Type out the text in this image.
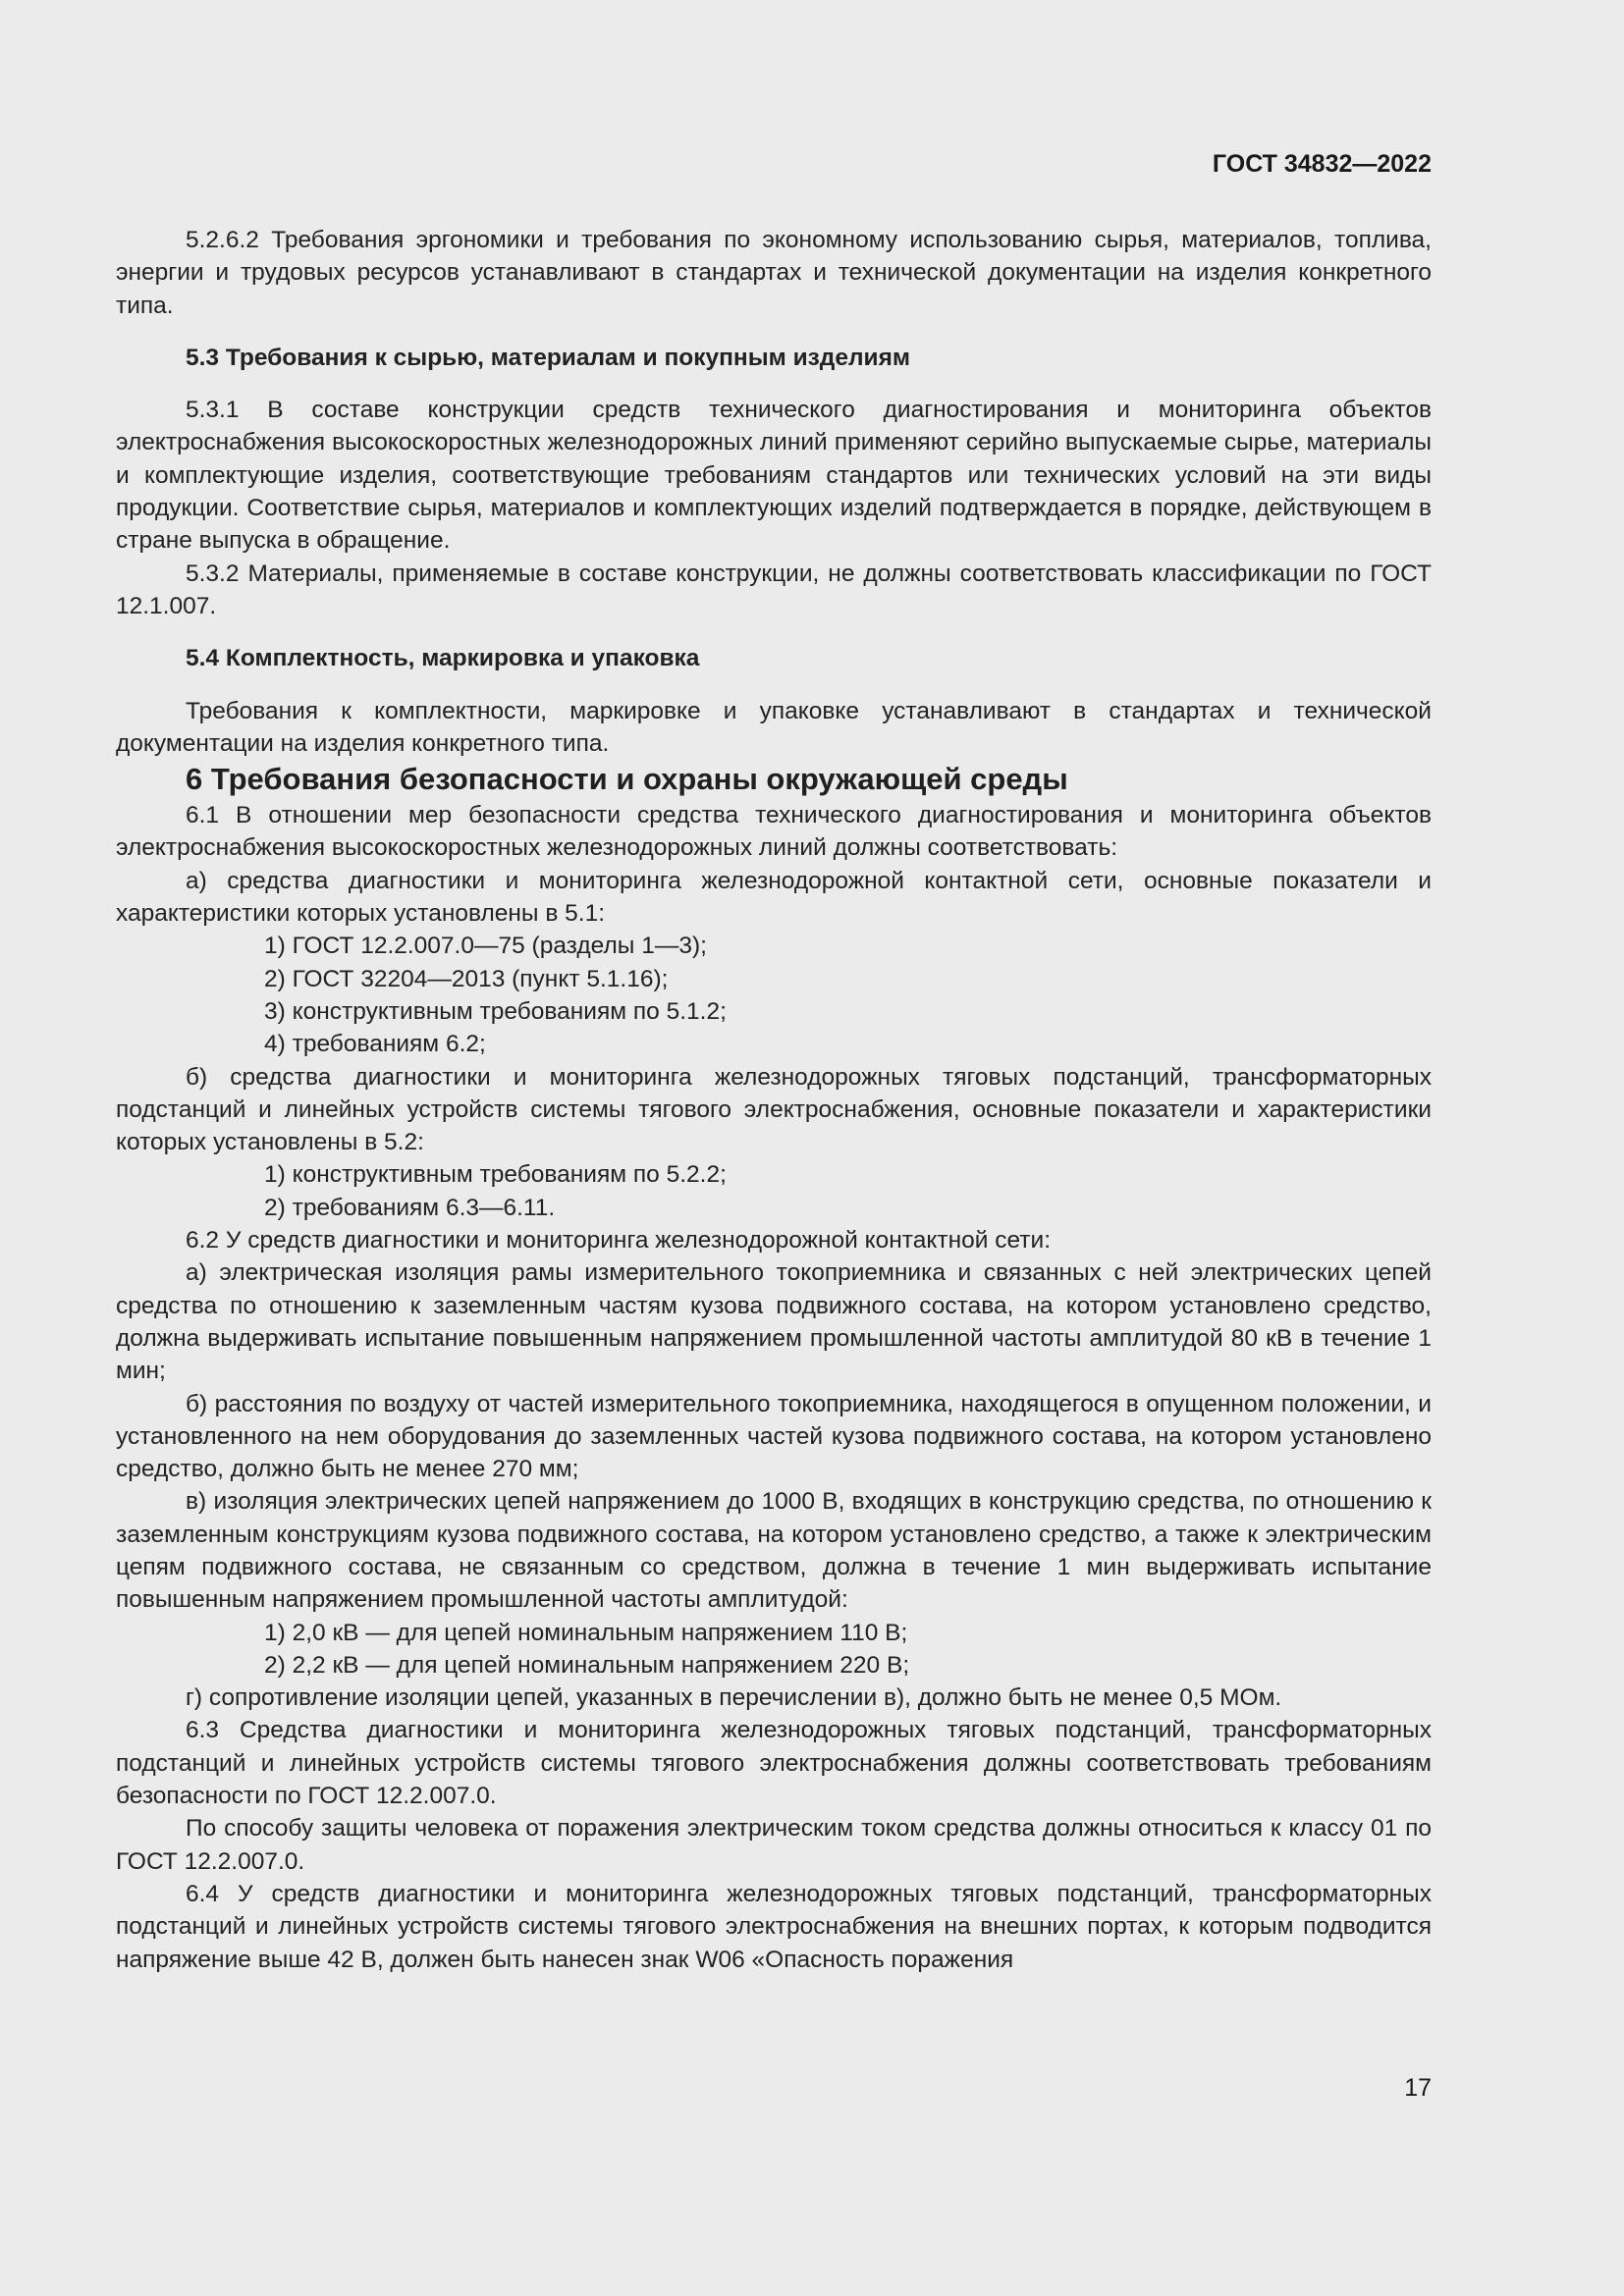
ГОСТ 34832—2022

5.2.6.2 Требования эргономики и требования по экономному использованию сырья, материалов, топлива, энергии и трудовых ресурсов устанавливают в стандартах и технической документации на изделия конкретного типа.

5.3 Требования к сырью, материалам и покупным изделиям

5.3.1 В составе конструкции средств технического диагностирования и мониторинга объектов электроснабжения высокоскоростных железнодорожных линий применяют серийно выпускаемые сырье, материалы и комплектующие изделия, соответствующие требованиям стандартов или технических условий на эти виды продукции. Соответствие сырья, материалов и комплектующих изделий подтверждается в порядке, действующем в стране выпуска в обращение.

5.3.2 Материалы, применяемые в составе конструкции, не должны соответствовать классификации по ГОСТ 12.1.007.

5.4 Комплектность, маркировка и упаковка

Требования к комплектности, маркировке и упаковке устанавливают в стандартах и технической документации на изделия конкретного типа.

6 Требования безопасности и охраны окружающей среды

6.1 В отношении мер безопасности средства технического диагностирования и мониторинга объектов электроснабжения высокоскоростных железнодорожных линий должны соответствовать:

а) средства диагностики и мониторинга железнодорожной контактной сети, основные показатели и характеристики которых установлены в 5.1:

1) ГОСТ 12.2.007.0—75 (разделы 1—3);

2) ГОСТ 32204—2013 (пункт 5.1.16);

3) конструктивным требованиям по 5.1.2;

4) требованиям 6.2;

б) средства диагностики и мониторинга железнодорожных тяговых подстанций, трансформаторных подстанций и линейных устройств системы тягового электроснабжения, основные показатели и характеристики которых установлены в 5.2:

1) конструктивным требованиям по 5.2.2;

2) требованиям 6.3—6.11.

6.2 У средств диагностики и мониторинга железнодорожной контактной сети:

а) электрическая изоляция рамы измерительного токоприемника и связанных с ней электрических цепей средства по отношению к заземленным частям кузова подвижного состава, на котором установлено средство, должна выдерживать испытание повышенным напряжением промышленной частоты амплитудой 80 кВ в течение 1 мин;

б) расстояния по воздуху от частей измерительного токоприемника, находящегося в опущенном положении, и установленного на нем оборудования до заземленных частей кузова подвижного состава, на котором установлено средство, должно быть не менее 270 мм;

в) изоляция электрических цепей напряжением до 1000 В, входящих в конструкцию средства, по отношению к заземленным конструкциям кузова подвижного состава, на котором установлено средство, а также к электрическим цепям подвижного состава, не связанным со средством, должна в течение 1 мин выдерживать испытание повышенным напряжением промышленной частоты амплитудой:

1) 2,0 кВ — для цепей номинальным напряжением 110 В;

2) 2,2 кВ — для цепей номинальным напряжением 220 В;

г) сопротивление изоляции цепей, указанных в перечислении в), должно быть не менее 0,5 МОм.

6.3 Средства диагностики и мониторинга железнодорожных тяговых подстанций, трансформаторных подстанций и линейных устройств системы тягового электроснабжения должны соответствовать требованиям безопасности по ГОСТ 12.2.007.0.

По способу защиты человека от поражения электрическим током средства должны относиться к классу 01 по ГОСТ 12.2.007.0.

6.4 У средств диагностики и мониторинга железнодорожных тяговых подстанций, трансформаторных подстанций и линейных устройств системы тягового электроснабжения на внешних портах, к которым подводится напряжение выше 42 В, должен быть нанесен знак W06 «Опасность поражения

17
